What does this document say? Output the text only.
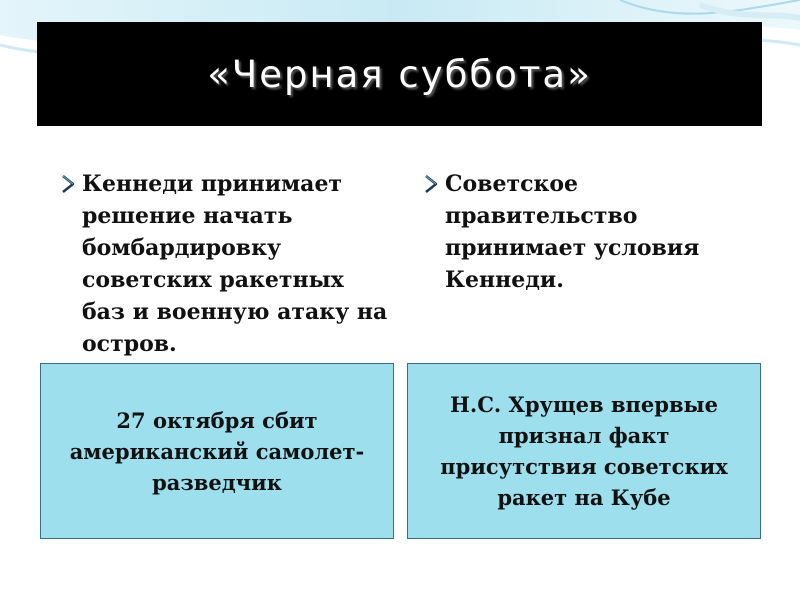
«Черная суббота»
Кеннеди принимает решение начать бомбардировку советских ракетных баз и военную атаку на остров.
Советское правительство принимает условия Кеннеди.
27 октября сбит американский самолет-разведчик
Н.С. Хрущев впервые признал факт присутствия советских ракет на Кубе
